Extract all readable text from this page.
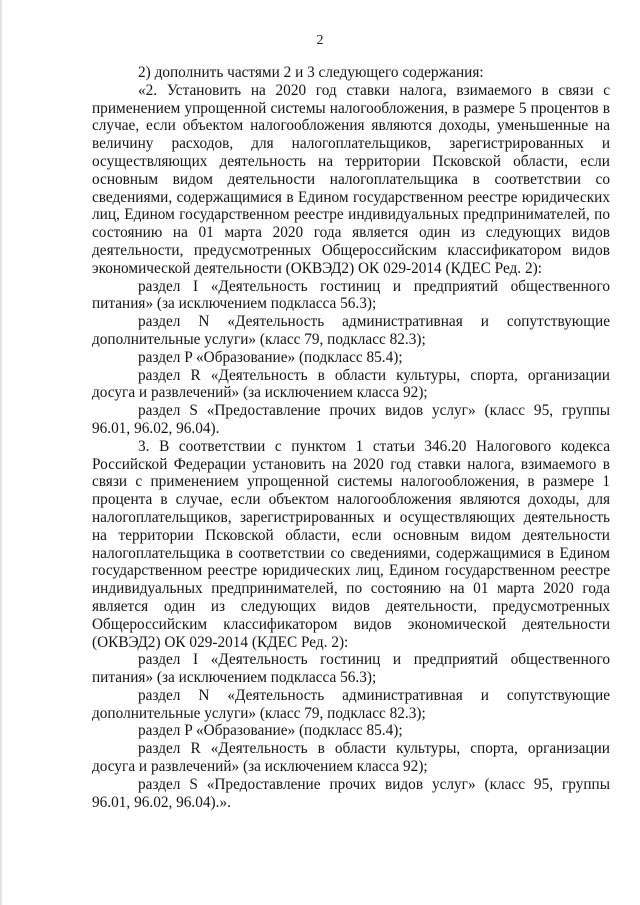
2

2) дополнить частями 2 и 3 следующего содержания:

«2. Установить на 2020 год ставки налога, взимаемого в связи с применением упрощенной системы налогообложения, в размере 5 процентов в случае, если объектом налогообложения являются доходы, уменьшенные на величину расходов, для налогоплательщиков, зарегистрированных и осуществляющих деятельность на территории Псковской области, если основным видом деятельности налогоплательщика в соответствии со сведениями, содержащимися в Едином государственном реестре юридических лиц, Едином государственном реестре индивидуальных предпринимателей, по состоянию на 01 марта 2020 года является один из следующих видов деятельности, предусмотренных Общероссийским классификатором видов экономической деятельности (ОКВЭД2) ОК 029-2014 (КДЕС Ред. 2):

раздел I «Деятельность гостиниц и предприятий общественного питания» (за исключением подкласса 56.3);

раздел N «Деятельность административная и сопутствующие дополнительные услуги» (класс 79, подкласс 82.3);

раздел P «Образование» (подкласс 85.4);

раздел R «Деятельность в области культуры, спорта, организации досуга и развлечений» (за исключением класса 92);

раздел S «Предоставление прочих видов услуг» (класс 95, группы 96.01, 96.02, 96.04).

3. В соответствии с пунктом 1 статьи 346.20 Налогового кодекса Российской Федерации установить на 2020 год ставки налога, взимаемого в связи с применением упрощенной системы налогообложения, в размере 1 процента в случае, если объектом налогообложения являются доходы, для налогоплательщиков, зарегистрированных и осуществляющих деятельность на территории Псковской области, если основным видом деятельности налогоплательщика в соответствии со сведениями, содержащимися в Едином государственном реестре юридических лиц, Едином государственном реестре индивидуальных предпринимателей, по состоянию на 01 марта 2020 года является один из следующих видов деятельности, предусмотренных Общероссийским классификатором видов экономической деятельности (ОКВЭД2) ОК 029-2014 (КДЕС Ред. 2):

раздел I «Деятельность гостиниц и предприятий общественного питания» (за исключением подкласса 56.3);

раздел N «Деятельность административная и сопутствующие дополнительные услуги» (класс 79, подкласс 82.3);

раздел P «Образование» (подкласс 85.4);

раздел R «Деятельность в области культуры, спорта, организации досуга и развлечений» (за исключением класса 92);

раздел S «Предоставление прочих видов услуг» (класс 95, группы 96.01, 96.02, 96.04).».
